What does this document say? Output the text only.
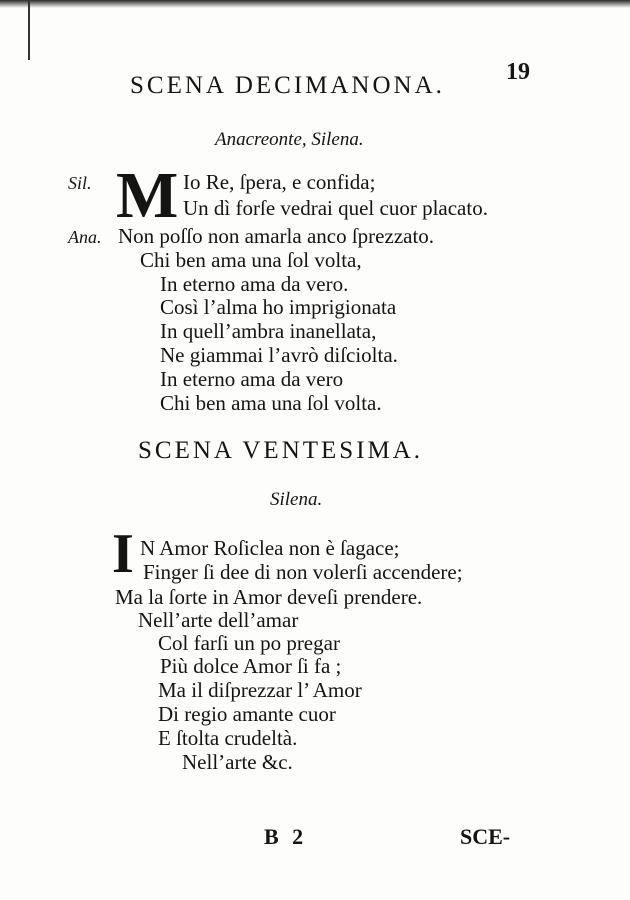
19
SCENA DECIMANONA.
Anacreonte, Silena.
M
Sil.	Io Re, ſpera, e confida;
Un dì forſe vedrai quel cuor placato.
Ana. Non poſſo non amarla anco ſprezzato.
Chi ben ama una ſol volta,
In eterno ama da vero.
Così l’alma ho imprigionata
In quell’ambra inanellata,
Ne giammai l’avrò diſciolta.
In eterno ama da vero
Chi ben ama una ſol volta.
SCENA VENTESIMA.
Silena.
I N Amor Roſiclea non è ſagace;
Finger ſi dee di non volerſi accendere;
Ma la ſorte in Amor deveſi prendere.
Nell’arte dell’amar
Col farſi un po pregar
Più dolce Amor ſi fa ;
Ma il diſprezzar l’ Amor
Di regio amante cuor
E ſtolta crudeltà.
Nell’arte &c.
B 2	SCE-
